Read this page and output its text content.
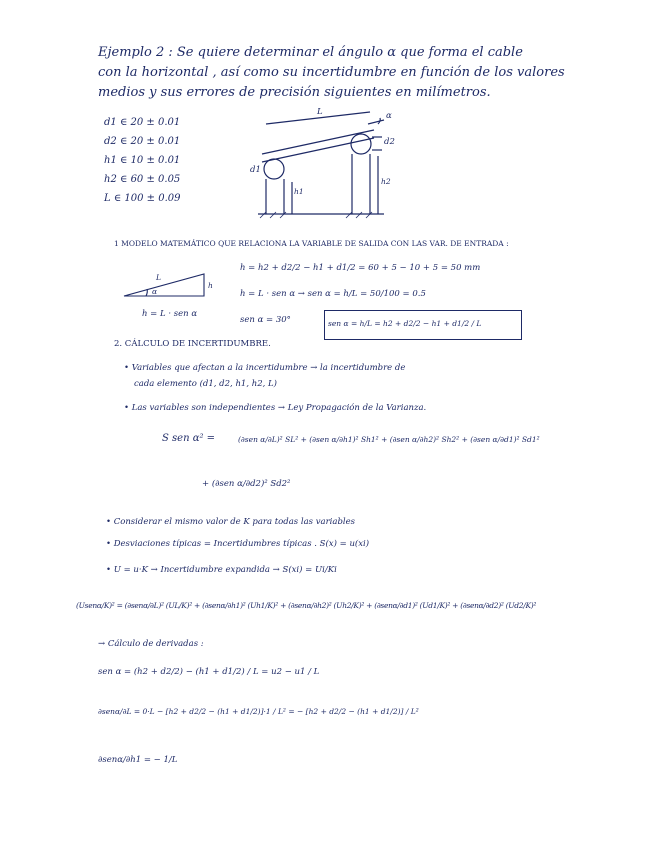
Ejemplo 2 : Se quiere determinar el ángulo α que forma el cable
con la horizontal , así como su incertidumbre en función de los valores
medios y sus errores de precisión siguientes en milímetros.
d1 ∈ 20 ± 0.01
d2 ∈ 20 ± 0.01
h1 ∈ 10 ± 0.01
h2 ∈ 60 ± 0.05
L ∈ 100 ± 0.09
L	α
d2
d1
h1
h2
1 MODELO MATEMÁTICO QUE RELACIONA LA VARIABLE DE SALIDA CON LAS VAR. DE ENTRADA :
L
α
h
h = L · sen α
h = h2 + d2/2 − h1 + d1/2 = 60 + 5 − 10 + 5 = 50 mm
h = L · sen α → sen α = h/L = 50/100 = 0.5
sen α = 30°	sen α = h/L = h2 + d2/2 − h1 + d1/2 / L
2. CÁLCULO DE INCERTIDUMBRE.
• Variables que afectan a la incertidumbre → la incertidumbre de
cada elemento (d1, d2, h1, h2, L)
• Las variables son independientes → Ley Propagación de la Varianza.
S sen α² =	(∂sen α/∂L)² SL² + (∂sen α/∂h1)² Sh1² + (∂sen α/∂h2)² Sh2² + (∂sen α/∂d1)² Sd1²
+ (∂sen α/∂d2)² Sd2²
• Considerar el mismo valor de K para todas las variables
• Desviaciones típicas = Incertidumbres típicas . S(x) = u(xi)
• U = u·K → Incertidumbre expandida → S(xi) = Ui/Ki
(Usenα/K)² = (∂senα/∂L)² (UL/K)² + (∂senα/∂h1)² (Uh1/K)² + (∂senα/∂h2)² (Uh2/K)² + (∂senα/∂d1)² (Ud1/K)² + (∂senα/∂d2)² (Ud2/K)²
→ Cálculo de derivadas :
sen α = (h2 + d2/2) − (h1 + d1/2) / L = u2 − u1 / L
∂senα/∂L = 0·L − [h2 + d2/2 − (h1 + d1/2)]·1 / L² = − [h2 + d2/2 − (h1 + d1/2)] / L²
∂senα/∂h1 = − 1/L
